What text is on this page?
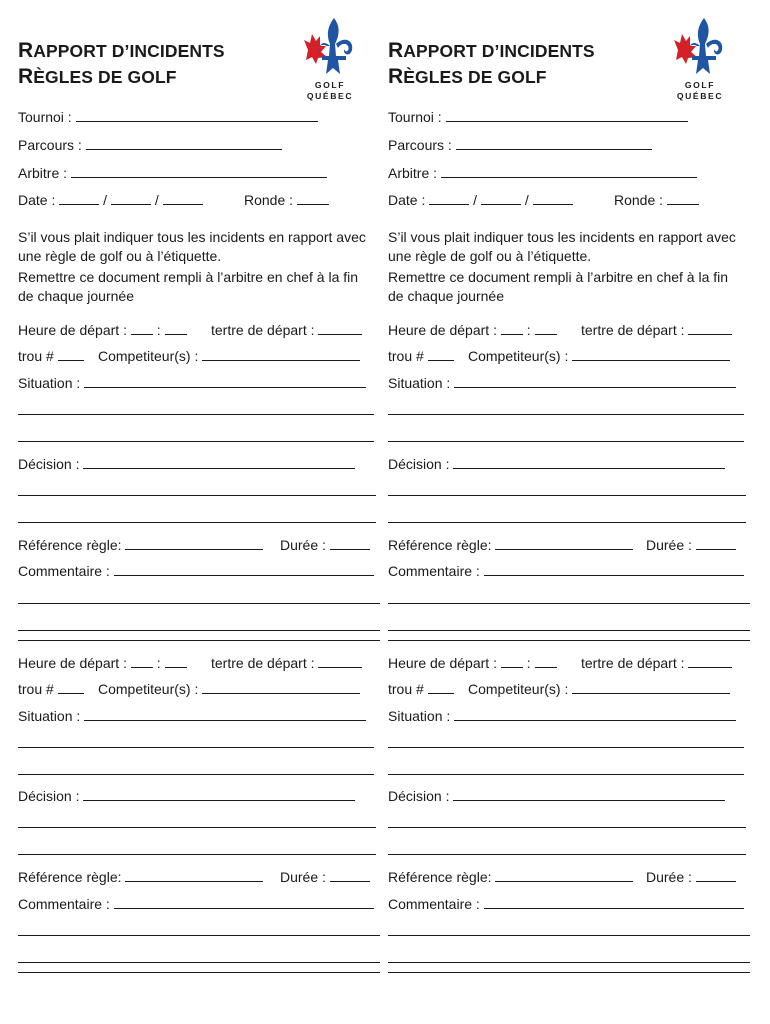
RAPPORT D’INCIDENTS
RÈGLES DE GOLF	GOLF
QUÉBEC
Tournoi :
Parcours :
Arbitre :
Date :	/	/	Ronde :
S’il vous plait indiquer tous les incidents en rapport avec une règle de golf ou à l’étiquette.
Remettre ce document rempli à l’arbitre en chef à la fin de chaque journée
Heure de départ : :	tertre de départ :
trou #	Competiteur(s) :
Situation :
Décision :
Référence règle:	Durée :
Commentaire :
Heure de départ : :	tertre de départ :
trou #	Competiteur(s) :
Situation :
Décision :
Référence règle:	Durée :
Commentaire :
RAPPORT D’INCIDENTS
RÈGLES DE GOLF	GOLF
QUÉBEC
Tournoi :
Parcours :
Arbitre :
Date :	/	/	Ronde :
S’il vous plait indiquer tous les incidents en rapport avec une règle de golf ou à l’étiquette.
Remettre ce document rempli à l’arbitre en chef à la fin de chaque journée
Heure de départ : :	tertre de départ :
trou #	Competiteur(s) :
Situation :
Décision :
Référence règle:	Durée :
Commentaire :
Heure de départ : :	tertre de départ :
trou #	Competiteur(s) :
Situation :
Décision :
Référence règle:	Durée :
Commentaire :
